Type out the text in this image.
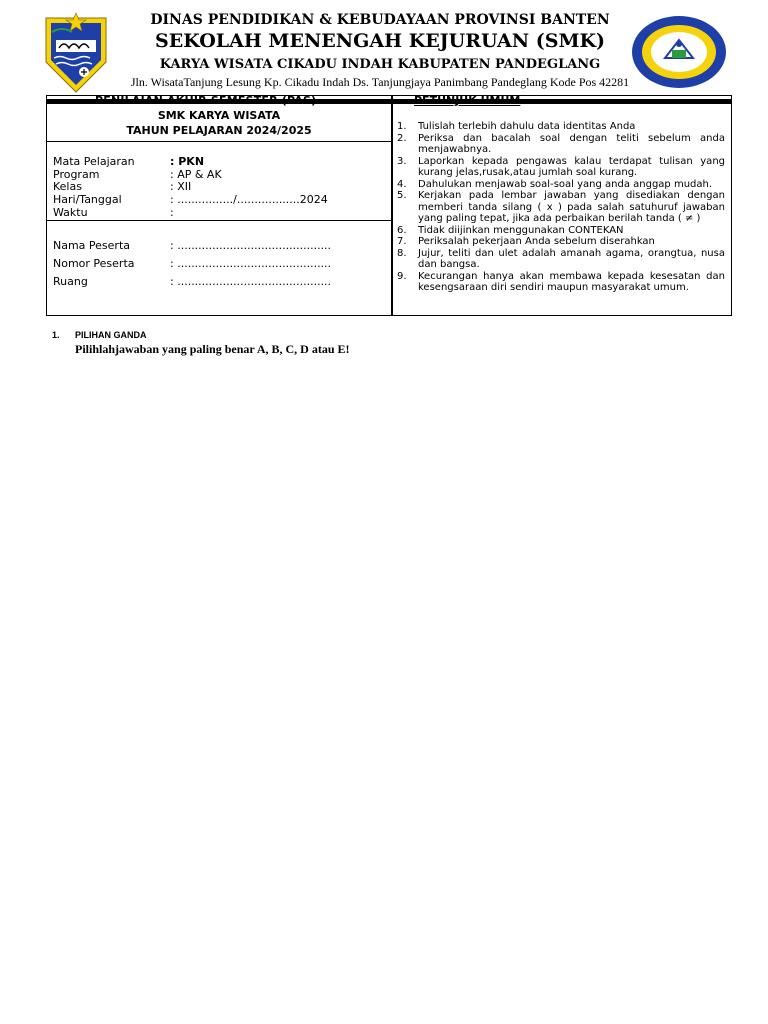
DINAS PENDIDIKAN & KEBUDAYAAN PROVINSI BANTEN
SEKOLAH MENENGAH KEJURUAN (SMK)
KARYA WISATA CIKADU INDAH KABUPATEN PANDEGLANG
Jln. WisataTanjung Lesung Kp. Cikadu Indah Ds. Tanjungjaya Panimbang Pandeglang Kode Pos 42281
SMK KARYA WISATA
TAHUN PELAJARAN 2024/2025
Mata Pelajaran	: PKN
Program	: AP & AK
Kelas	: XII
Hari/Tanggal	: ................/..................2024
Waktu	:
Nama Peserta	: ............................................
Nomor Peserta	: ............................................
Ruang	: ............................................
1.	Tulislah terlebih dahulu data identitas Anda
2.	Periksa dan bacalah soal dengan teliti sebelum anda menjawabnya.
3.	Laporkan kepada pengawas kalau terdapat tulisan yang kurang jelas,rusak,atau jumlah soal kurang.
4.	Dahulukan menjawab soal-soal yang anda anggap mudah.
5.	Kerjakan pada lembar jawaban yang disediakan dengan memberi tanda silang ( x ) pada salah satuhuruf jawaban yang paling tepat, jika ada perbaikan berilah tanda ( ≠ )
6.	Tidak diijinkan menggunakan CONTEKAN
7.	Periksalah pekerjaan Anda sebelum diserahkan
8.	Jujur, teliti dan ulet adalah amanah agama, orangtua, nusa dan bangsa.
9.	Kecurangan hanya akan membawa kepada kesesatan dan kesengsaraan diri sendiri maupun masyarakat umum.
1. PILIHAN GANDA
Pilihlahjawaban yang paling benar A, B, C, D atau E!
